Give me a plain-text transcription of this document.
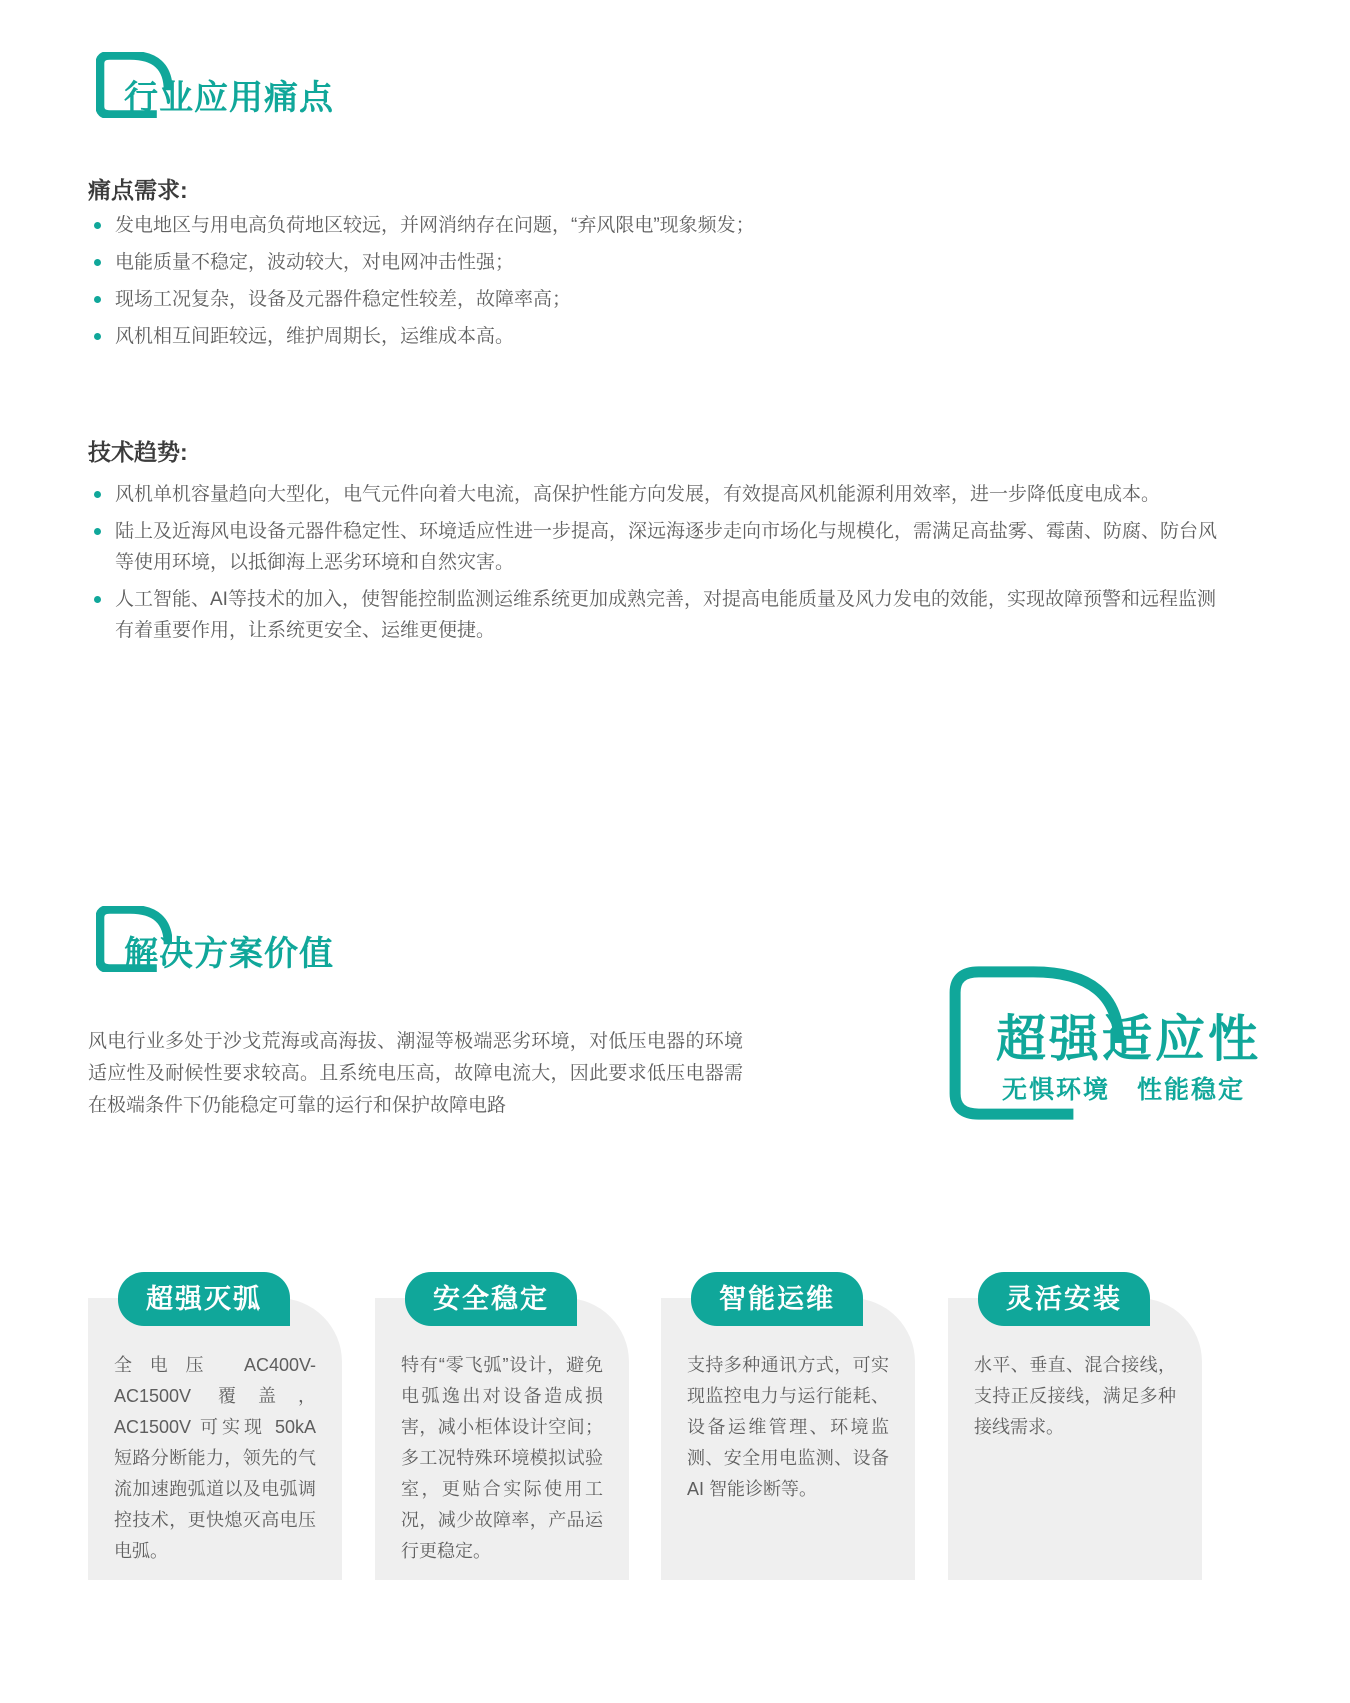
行业应用痛点
痛点需求:
发电地区与用电高负荷地区较远，并网消纳存在问题，“弃风限电”现象频发；
电能质量不稳定，波动较大，对电网冲击性强；
现场工况复杂，设备及元器件稳定性较差，故障率高；
风机相互间距较远，维护周期长，运维成本高。
技术趋势:
风机单机容量趋向大型化，电气元件向着大电流，高保护性能方向发展，有效提高风机能源利用效率，进一步降低度电成本。
陆上及近海风电设备元器件稳定性、环境适应性进一步提高，深远海逐步走向市场化与规模化，需满足高盐雾、霉菌、防腐、防台风等使用环境，以抵御海上恶劣环境和自然灾害。
人工智能、AI等技术的加入，使智能控制监测运维系统更加成熟完善，对提高电能质量及风力发电的效能，实现故障预警和远程监测有着重要作用，让系统更安全、运维更便捷。
解决方案价值

风电行业多处于沙戈荒海或高海拔、潮湿等极端恶劣环境，对低压电器的环境适应性及耐候性要求较高。且系统电压高，故障电流大，因此要求低压电器需在极端条件下仍能稳定可靠的运行和保护故障电路

超强适应性
无惧环境　性能稳定
超强灭弧
全电压 AC400V-AC1500V 覆盖，AC1500V 可实现 50kA 短路分断能力，领先的气流加速跑弧道以及电弧调控技术，更快熄灭高电压电弧。
安全稳定
特有“零飞弧”设计，避免电弧逸出对设备造成损害，减小柜体设计空间；多工况特殊环境模拟试验室，更贴合实际使用工况，减少故障率，产品运行更稳定。
智能运维
支持多种通讯方式，可实现监控电力与运行能耗、设备运维管理、环境监测、安全用电监测、设备 AI 智能诊断等。
灵活安装
水平、垂直、混合接线，支持正反接线，满足多种接线需求。
